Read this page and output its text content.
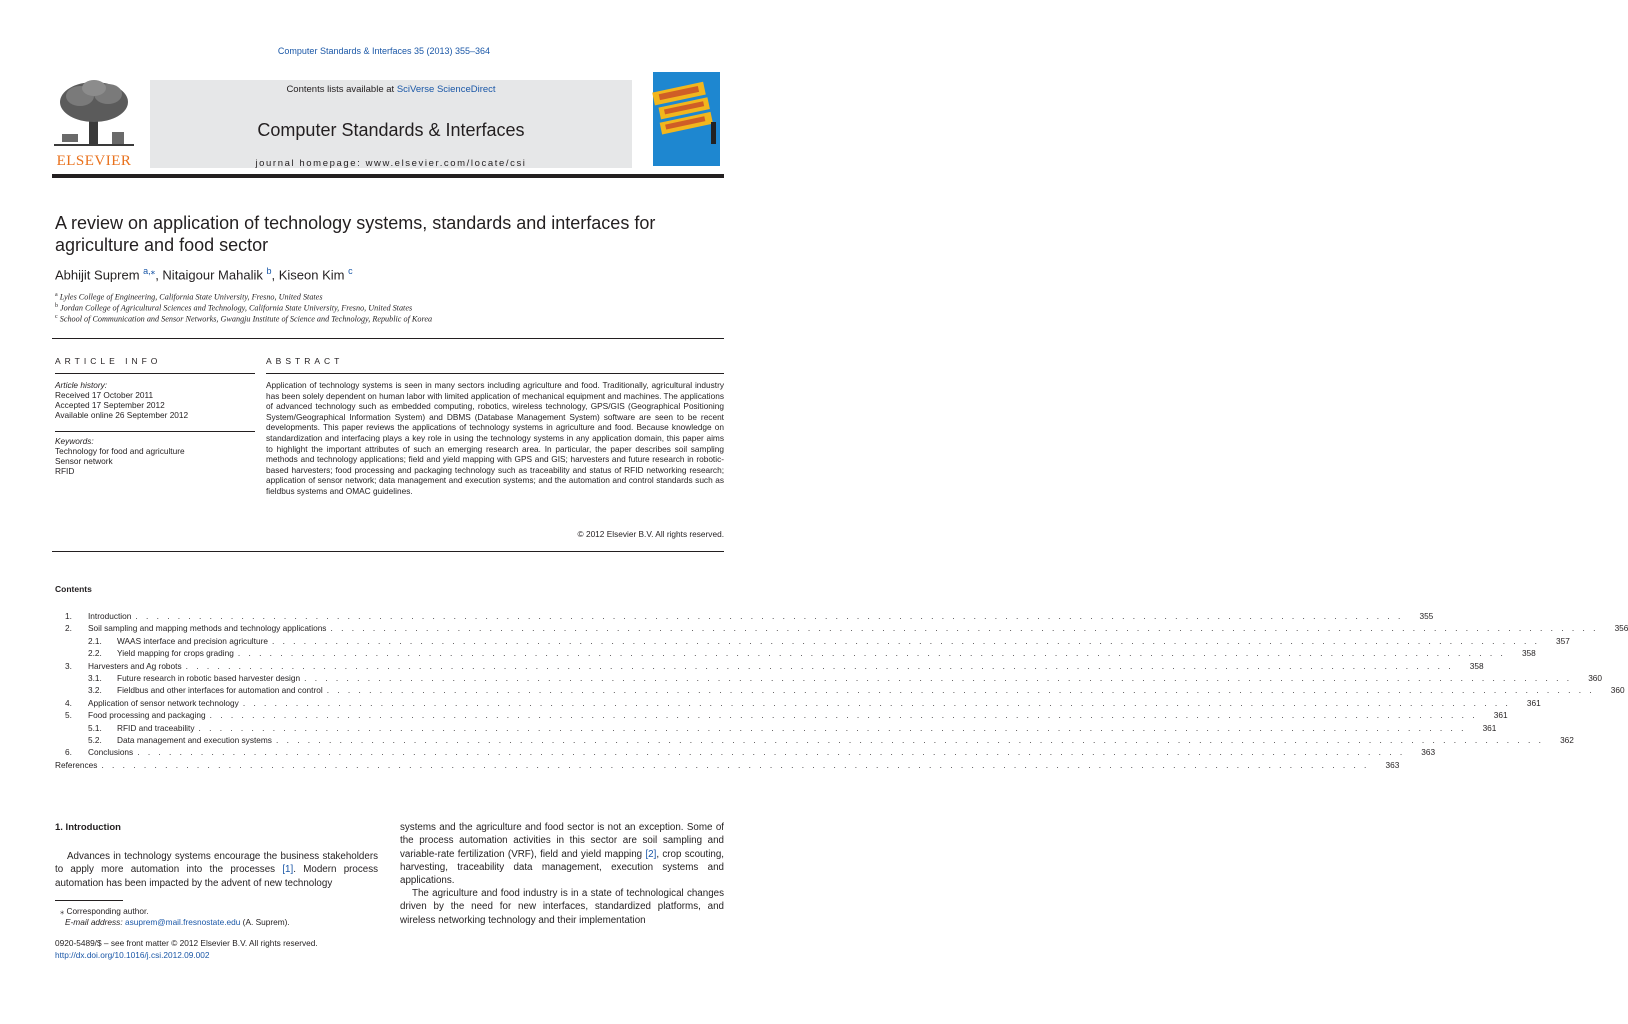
Computer Standards & Interfaces 35 (2013) 355–364
ELSEVIER
Contents lists available at SciVerse ScienceDirect
Computer Standards & Interfaces
journal homepage: www.elsevier.com/locate/csi
A review on application of technology systems, standards and interfaces for agriculture and food sector
Abhijit Suprem $^{a,⁎}$, Nitaigour Mahalik $^b$, Kiseon Kim $^c$
$^a$ Lyles College of Engineering, California State University, Fresno, United States
$^b$ Jordan College of Agricultural Sciences and Technology, California State University, Fresno, United States
$^c$ School of Communication and Sensor Networks, Gwangju Institute of Science and Technology, Republic of Korea
ARTICLE INFO
Article history:
Received 17 October 2011
Accepted 17 September 2012
Available online 26 September 2012
Keywords:
Technology for food and agriculture
Sensor network
RFID
ABSTRACT
Application of technology systems is seen in many sectors including agriculture and food. Traditionally, agricultural industry has been solely dependent on human labor with limited application of mechanical equipment and machines. The applications of advanced technology such as embedded computing, robotics, wireless technology, GPS/GIS (Geographical Positioning System/Geographical Information System) and DBMS (Database Management System) software are seen to be recent developments. This paper reviews the applications of technology systems in agriculture and food. Because knowledge on standardization and interfacing plays a key role in using the technology systems in any application domain, this paper aims to highlight the important attributes of such an emerging research area. In particular, the paper describes soil sampling methods and technology applications; field and yield mapping with GPS and GIS; harvesters and future research in robotic-based harvesters; food processing and packaging technology such as traceability and status of RFID networking research; application of sensor network; data management and execution systems; and the automation and control standards such as fieldbus systems and OMAC guidelines.
© 2012 Elsevier B.V. All rights reserved.
Contents
1.	Introduction . . . . . . . . . . . . . . . . . . . . . . . . . . . . . . . . . . . . . . . . . . . . . . . . . . . . . . . . . . . . . . . . . . . . . . . . . . . . . . . . . . . . . . . . . . . . . . . . . . . . . . . . . . . . . . . . . . . . . . . .	355
2.	Soil sampling and mapping methods and technology applications . . . . . . . . . . . . . . . . . . . . . . . . . . . . . . . . . . . . . . . . . . . . . . . . . . . . . . . . . . . . . . . . . . . . . . . . . . . . . . . . . . . . . . . . . . . . . . . . . . . . . . . . . . . . . . . . . . . . . . . .	356
2.1.	WAAS interface and precision agriculture . . . . . . . . . . . . . . . . . . . . . . . . . . . . . . . . . . . . . . . . . . . . . . . . . . . . . . . . . . . . . . . . . . . . . . . . . . . . . . . . . . . . . . . . . . . . . . . . . . . . . . . . . . . . . . . . . . . . . . . .	357
2.2.	Yield mapping for crops grading . . . . . . . . . . . . . . . . . . . . . . . . . . . . . . . . . . . . . . . . . . . . . . . . . . . . . . . . . . . . . . . . . . . . . . . . . . . . . . . . . . . . . . . . . . . . . . . . . . . . . . . . . . . . . . . . . . . . . . . .	358
3.	Harvesters and Ag robots . . . . . . . . . . . . . . . . . . . . . . . . . . . . . . . . . . . . . . . . . . . . . . . . . . . . . . . . . . . . . . . . . . . . . . . . . . . . . . . . . . . . . . . . . . . . . . . . . . . . . . . . . . . . . . . . . . . . . . . .	358
3.1.	Future research in robotic based harvester design . . . . . . . . . . . . . . . . . . . . . . . . . . . . . . . . . . . . . . . . . . . . . . . . . . . . . . . . . . . . . . . . . . . . . . . . . . . . . . . . . . . . . . . . . . . . . . . . . . . . . . . . . . . . . . . . . . . . . . . .	360
3.2.	Fieldbus and other interfaces for automation and control . . . . . . . . . . . . . . . . . . . . . . . . . . . . . . . . . . . . . . . . . . . . . . . . . . . . . . . . . . . . . . . . . . . . . . . . . . . . . . . . . . . . . . . . . . . . . . . . . . . . . . . . . . . . . . . . . . . . . . . .	360
4.	Application of sensor network technology . . . . . . . . . . . . . . . . . . . . . . . . . . . . . . . . . . . . . . . . . . . . . . . . . . . . . . . . . . . . . . . . . . . . . . . . . . . . . . . . . . . . . . . . . . . . . . . . . . . . . . . . . . . . . . . . . . . . . . . .	361
5.	Food processing and packaging . . . . . . . . . . . . . . . . . . . . . . . . . . . . . . . . . . . . . . . . . . . . . . . . . . . . . . . . . . . . . . . . . . . . . . . . . . . . . . . . . . . . . . . . . . . . . . . . . . . . . . . . . . . . . . . . . . . . . . . .	361
5.1.	RFID and traceability . . . . . . . . . . . . . . . . . . . . . . . . . . . . . . . . . . . . . . . . . . . . . . . . . . . . . . . . . . . . . . . . . . . . . . . . . . . . . . . . . . . . . . . . . . . . . . . . . . . . . . . . . . . . . . . . . . . . . . . .	361
5.2.	Data management and execution systems . . . . . . . . . . . . . . . . . . . . . . . . . . . . . . . . . . . . . . . . . . . . . . . . . . . . . . . . . . . . . . . . . . . . . . . . . . . . . . . . . . . . . . . . . . . . . . . . . . . . . . . . . . . . . . . . . . . . . . . .	362
6.	Conclusions . . . . . . . . . . . . . . . . . . . . . . . . . . . . . . . . . . . . . . . . . . . . . . . . . . . . . . . . . . . . . . . . . . . . . . . . . . . . . . . . . . . . . . . . . . . . . . . . . . . . . . . . . . . . . . . . . . . . . . . .	363
References . . . . . . . . . . . . . . . . . . . . . . . . . . . . . . . . . . . . . . . . . . . . . . . . . . . . . . . . . . . . . . . . . . . . . . . . . . . . . . . . . . . . . . . . . . . . . . . . . . . . . . . . . . . . . . . . . . . . . . . .	363
1. Introduction
Advances in technology systems encourage the business stakeholders to apply more automation into the processes [1]. Modern process automation has been impacted by the advent of new technology
systems and the agriculture and food sector is not an exception. Some of the process automation activities in this sector are soil sampling and variable-rate fertilization (VRF), field and yield mapping [2], crop scouting, harvesting, traceability data management, execution systems and applications.
The agriculture and food industry is in a state of technological changes driven by the need for new interfaces, standardized platforms, and wireless networking technology and their implementation
⁎ Corresponding author.
E-mail address: asuprem@mail.fresnostate.edu (A. Suprem).
0920-5489/$ – see front matter © 2012 Elsevier B.V. All rights reserved.
http://dx.doi.org/10.1016/j.csi.2012.09.002
